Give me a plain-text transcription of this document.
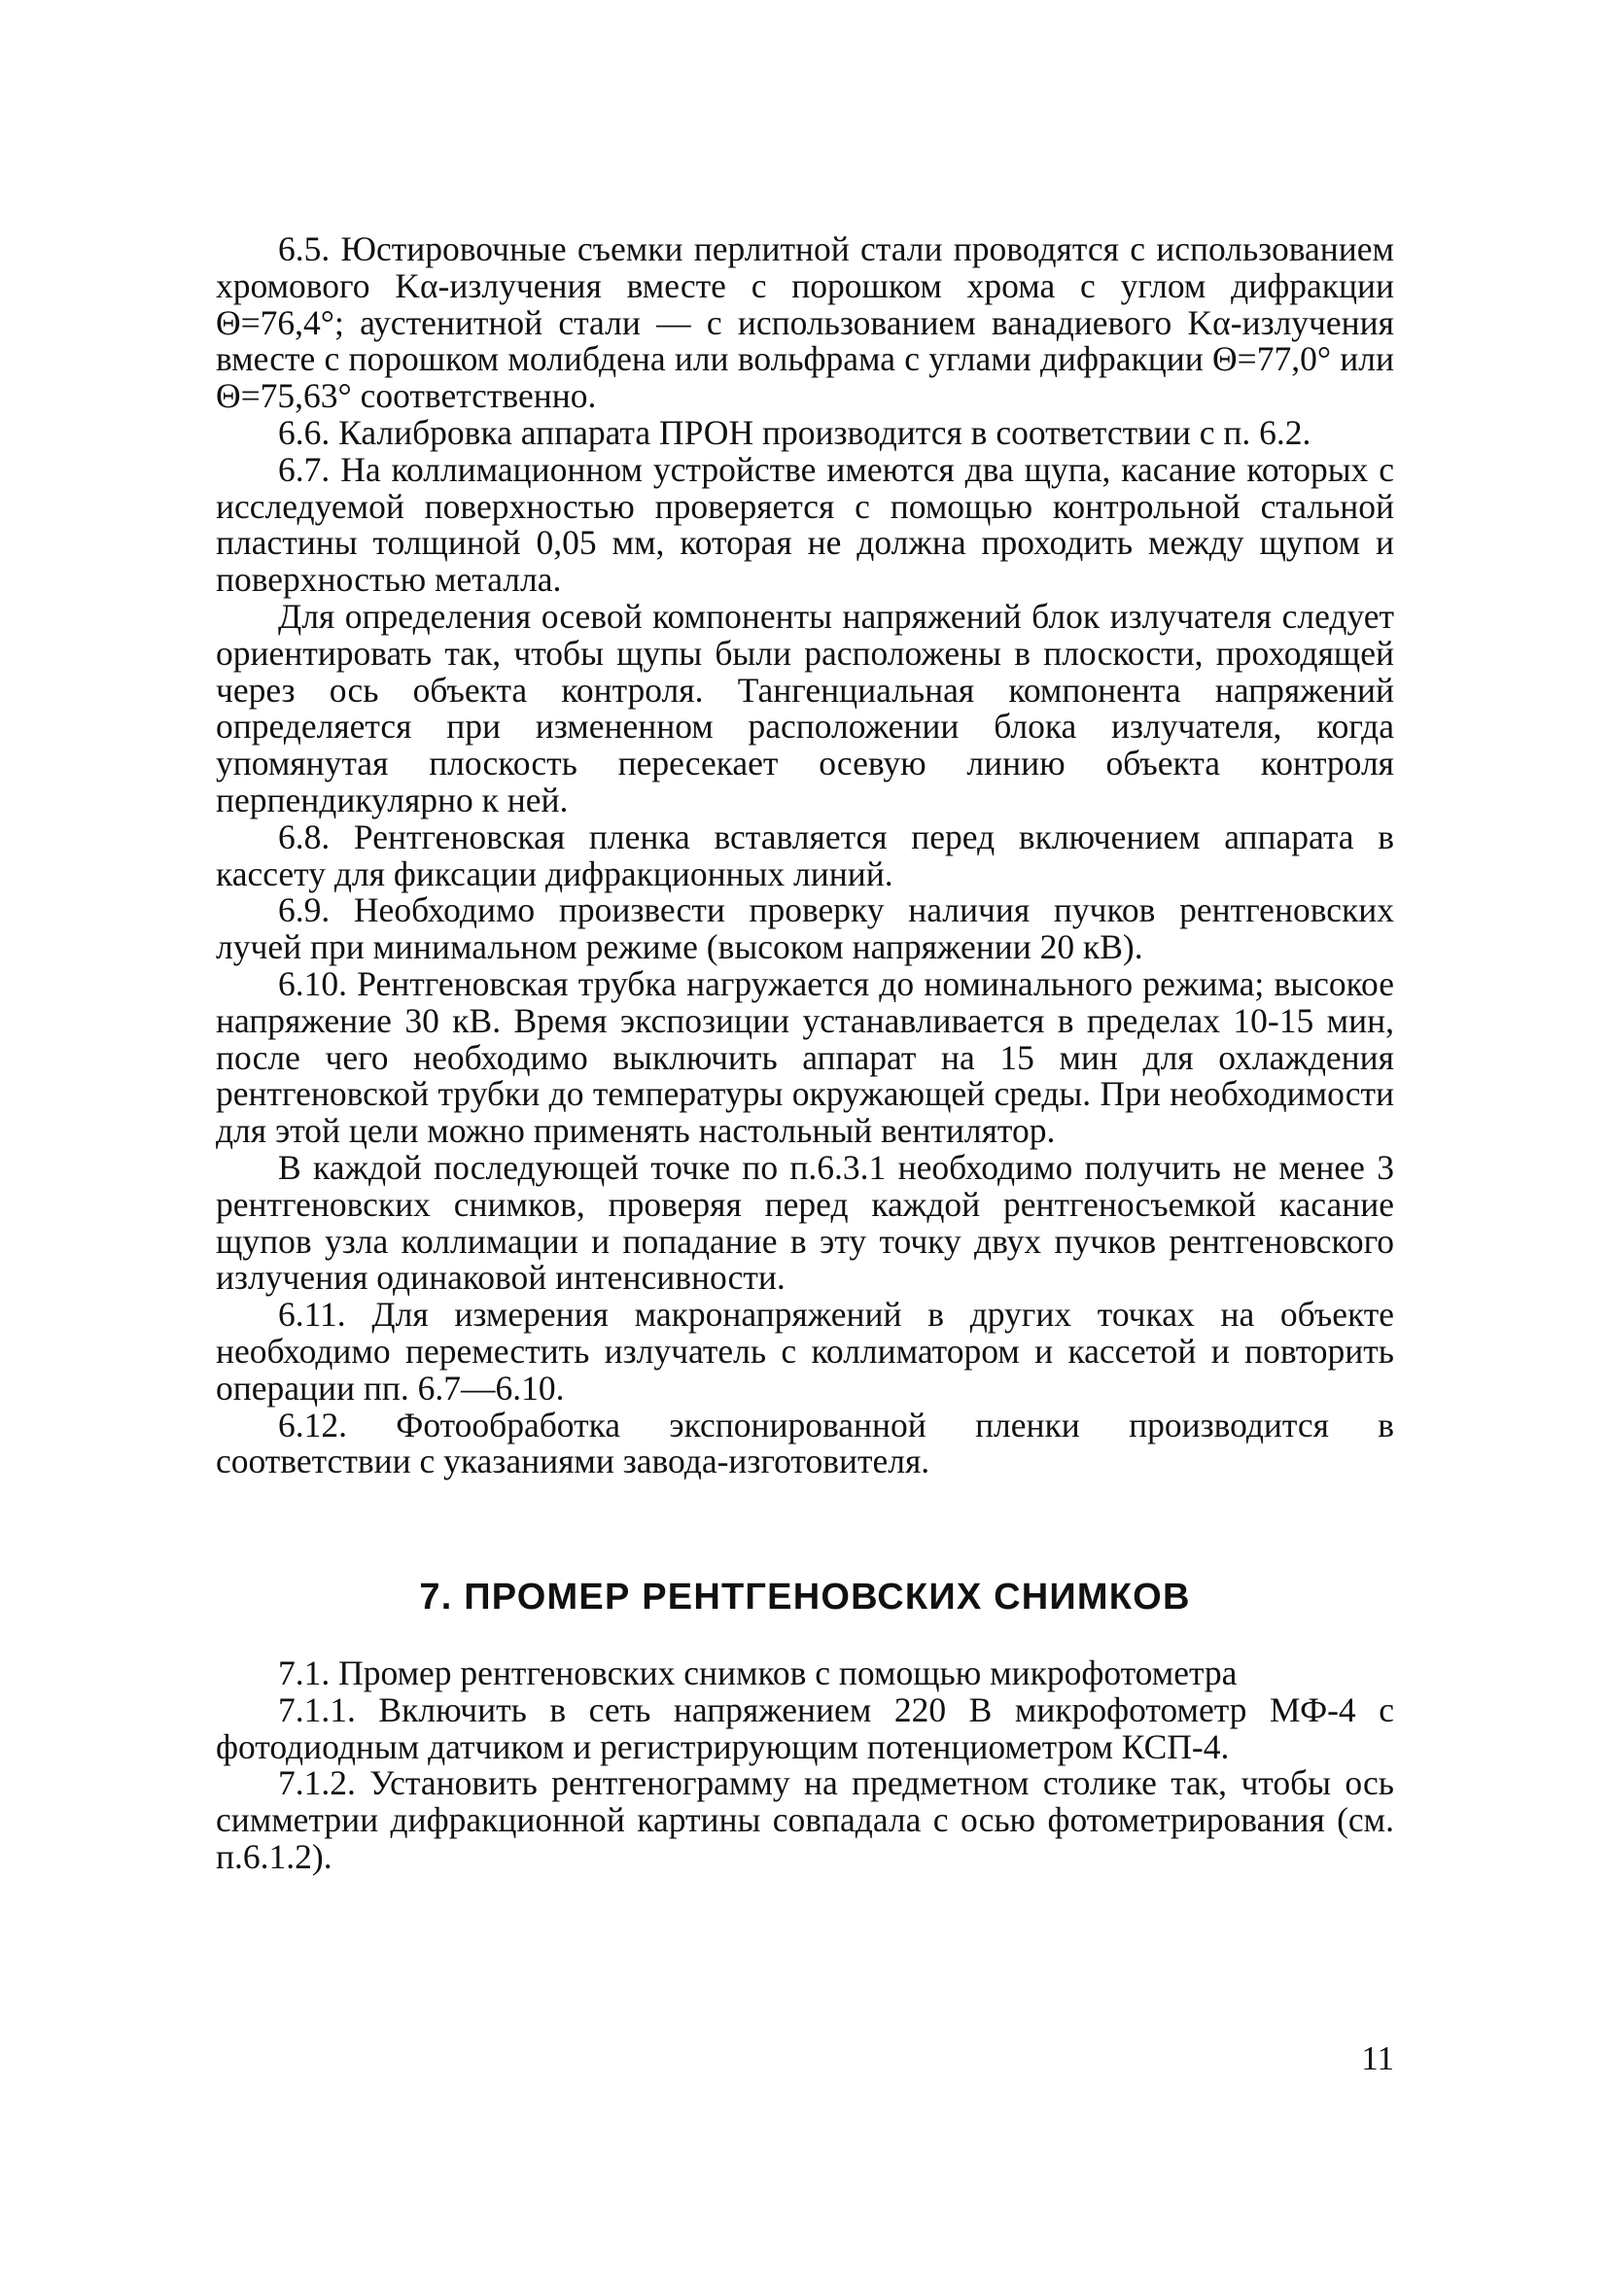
6.5. Юстировочные съемки перлитной стали проводятся с использованием хромового Kα-излучения вместе с порошком хрома с углом дифракции Θ=76,4°; аустенитной стали — с использованием ванадиевого Kα-излучения вместе с порошком молибдена или вольфрама с углами дифракции Θ=77,0° или Θ=75,63° соответственно.

6.6. Калибровка аппарата ПРОН производится в соответствии с п. 6.2.

6.7. На коллимационном устройстве имеются два щупа, касание которых с исследуемой поверхностью проверяется с помощью контрольной стальной пластины толщиной 0,05 мм, которая не должна проходить между щупом и поверхностью металла.

Для определения осевой компоненты напряжений блок излучателя следует ориентировать так, чтобы щупы были расположены в плоскости, проходящей через ось объекта контроля. Тангенциальная компонента напряжений определяется при измененном расположении блока излучателя, когда упомянутая плоскость пересекает осевую линию объекта контроля перпендикулярно к ней.

6.8. Рентгеновская пленка вставляется перед включением аппарата в кассету для фиксации дифракционных линий.

6.9. Необходимо произвести проверку наличия пучков рентгеновских лучей при минимальном режиме (высоком напряжении 20 кВ).

6.10. Рентгеновская трубка нагружается до номинального режима; высокое напряжение 30 кВ. Время экспозиции устанавливается в пределах 10-15 мин, после чего необходимо выключить аппарат на 15 мин для охлаждения рентгеновской трубки до температуры окружающей среды. При необходимости для этой цели можно применять настольный вентилятор.

В каждой последующей точке по п.6.3.1 необходимо получить не менее 3 рентгеновских снимков, проверяя перед каждой рентгеносъемкой касание щупов узла коллимации и попадание в эту точку двух пучков рентгеновского излучения одинаковой интенсивности.

6.11. Для измерения макронапряжений в других точках на объекте необходимо переместить излучатель с коллиматором и кассетой и повторить операции пп. 6.7—6.10.

6.12. Фотообработка экспонированной пленки производится в соответствии с указаниями завода-изготовителя.

7. ПРОМЕР РЕНТГЕНОВСКИХ СНИМКОВ

7.1. Промер рентгеновских снимков с помощью микрофотометра

7.1.1. Включить в сеть напряжением 220 В микрофотометр МФ-4 с фотодиодным датчиком и регистрирующим потенциометром КСП-4.

7.1.2. Установить рентгенограмму на предметном столике так, чтобы ось симметрии дифракционной картины совпадала с осью фотометрирования (см. п.6.1.2).

11
